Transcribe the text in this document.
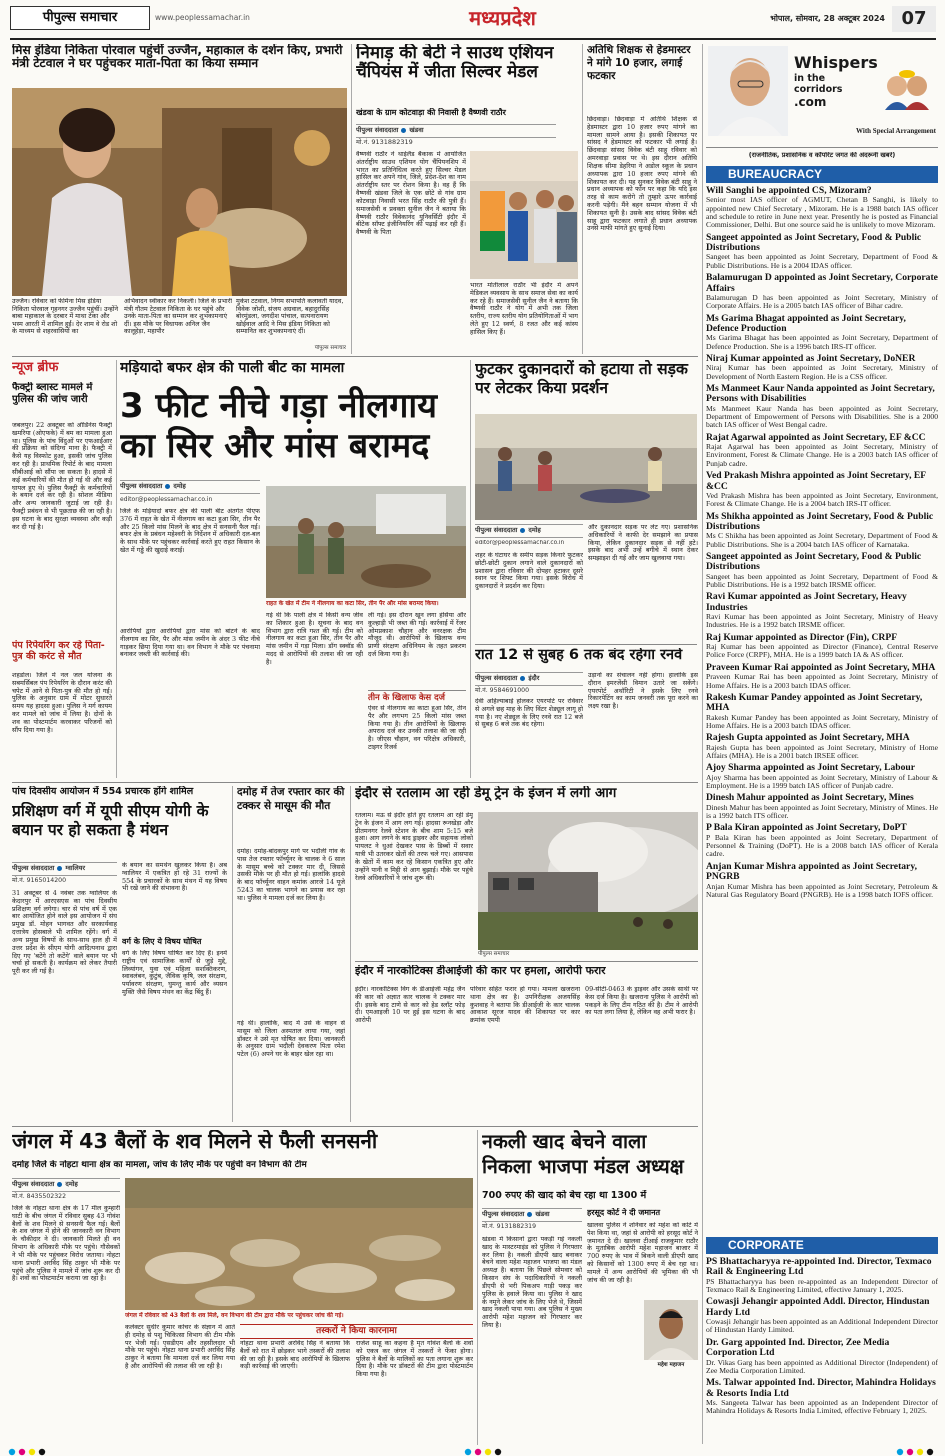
पीपुल्स समाचार	www.peoplessamachar.in	मध्यप्रदेश	भोपाल, सोमवार, 28 अक्टूबर 2024 07
मिस इंडिया निकिता पोरवाल पहुंचीं उज्जैन, महाकाल के दर्शन किए, प्रभारी मंत्री टेटवाल ने घर पहुंचकर माता-पिता का किया सम्मान
उज्जैन। रविवार को फेमिना मिस इंडिया निकिता पोरवाल गृहनगर उज्जैन पहुंचीं। उन्होंने बाबा महाकाल के दरबार में माथा टेका और भस्म आरती में शामिल हुईं। देर शाम वे रोड शो के माध्यम से शहरवासियों का
अभिवादन स्वीकार कर निकलीं। जिले के प्रभारी मंत्री गौतम टेटवाल निकिता के घर पहुंचे और उनके माता-पिता का सम्मान कर शुभकामनाएं दीं। इस मौके पर विधायक अनिल जैन कालूहेड़ा, महापौर
मुकेश टटवाल, निगम सभापति कलावती यादव, विवेक जोशी, संजय अग्रवाल, बहादुरसिंह बोरमुंडला, जगदीश पांचाल, सत्यनारायण खोईवाल आदि ने मिस इंडिया निकिता को सम्मानित कर शुभकामनाएं दीं।
पीपुल्स समाचार
निमाड़ की बेटी ने साउथ एशियन चैंपियंस में जीता सिल्वर मेडल
खंडवा के ग्राम कोटवाड़ा की निवासी है वैष्णवी राठौर
पीपुल्स संवाददाता खंडवा
मो.नं. 9131882319
वैष्णवी राठौर ने थाईलैंड बैंकाक में आयोजित अंतर्राष्ट्रीय साउथ एशियन योग चैंपियनशिप में भारत का प्रतिनिधित्व करते हुए सिल्वर मेडल हासिल कर अपने गांव, जिले, प्रदेश-देश का नाम अंतर्राष्ट्रीय स्तर पर रोशन किया है। वह हैं कि वैष्णवी खंडवा जिले के एक छोटे से गांव ग्राम कोटवाड़ा निवासी भरत सिंह राठौर की पुत्री हैं। समाजसेवी व प्रवक्ता सुनील जैन ने बताया कि वैष्णवी राठौर विवेकानंद यूनिवर्सिटी इंदौर में बीटेक सॉफ्ट इंजीनियरिंग की पढ़ाई कर रही हैं। वैष्णवी के पिता
भारत मोतीलाल राठौर भी इंदौर में अपने मेडिकल व्यवसाय के साथ समाज सेवा का कार्य कर रहे हैं। समाजसेवी सुनील जैन ने बताया कि वैष्णवी राठौर ने योग में अभी तक जिला स्तरीय, राज्य स्तरीय योग प्रतियोगिताओं में भाग लेते हुए 12 स्वर्ण, 8 रजत और कई कांस्य हासिल किए हैं।
अतिथि शिक्षक से हेडमास्टर ने मांगे 10 हजार, लगाई फटकार
छिंदवाड़ा। छिंदवाड़ा में अतिथि शिक्षक से हेडमास्टर द्वारा 10 हजार रुपए मांगने का मामला सामने आया है। इसकी शिकायत पर सांसद ने हेडमास्टर को फटकार भी लगाई है। छिंदवाड़ा सांसद विवेक बंटी साहू रविवार को अमरवाड़ा प्रवास पर थे। इस दौरान अतिथि शिक्षक सीमा डेहरिया ने अडोल स्कूल के प्रधान अध्यापक द्वारा 10 हजार रुपए मांगने की शिकायत कर दी। यह सुनकर विवेक बंटी साहू ने प्रधान अध्यापक को फोन पर कहा कि यदि इस तरह से काम करोगे तो तुम्हारे ऊपर कार्रवाई करनी पड़ेगी। मैंने बहन सम्मान योजना में भी शिकायत सुनी है। उसके बाद सांसद विवेक बंटी साहू द्वारा फटकार लगाते ही प्रधान अध्यापक उनसे माफी मांगते हुए सुनाई दिया।
Whispers
in the corridors
.com
With Special Arrangement
(राजनीतिक, प्रशासनिक व कॉर्पोरेट जगत की अंदरूनी खबरें)
BUREAUCRACY
Will Sanghi be appointed CS, Mizoram?
Senior most IAS officer of AGMUT, Chetan B Sanghi, is likely to appointed new Chief Secretary , Mizoram. He is a 1988 batch IAS officer and schedule to retire in June next year. Presently he is posted as Financial Commissioner, Delhi. But one source said he is unlikely to move Mizoram.
Sangeet appointed as Joint Secretary, Food & Public Distributions
Sangeet has been appointed as Joint Secretary, Department of Food & Public Distributions. He is a 2004 IDAS officer.
Balamurugan D appointed as Joint Secretary, Corporate Affairs
Balamurugan D has been appointed as Joint Secretary, Ministry of Corporate Affairs. He is a 2005 batch IAS officer of Bihar cadre.
Ms Garima Bhagat appointed as Joint Secretary, Defence Production
Ms Garima Bhagat has been appointed as Joint Secretary, Department of Defence Production. She is a 1996 batch IRS-IT officer.
Niraj Kumar appointed as Joint Secretary, DoNER
Niraj Kumar has been appointed as Joint Secretary, Ministry of Development of North Eastern Region. He is a CSS officer.
Ms Manmeet Kaur Nanda appointed as Joint Secretary, Persons with Disabilities
Ms Manmeet Kaur Nanda has been appointed as Joint Secretary, Department of Empowerment of Persons with Disabilities. She is a 2000 batch IAS officer of West Bengal cadre.
Rajat Agarwal appointed as Joint Secretary, EF &CC
Rajat Agarwal has been appointed as Joint Secretary, Ministry of Environment, Forest & Climate Change. He is a 2003 batch IAS officer of Punjab cadre.
Ved Prakash Mishra appointed as Joint Secretary, EF &CC
Ved Prakash Mishra has been appointed as Joint Secretary, Environment, Forest & Climate Change. He is a 2004 batch IRS-IT officer.
Ms Shikha appointed as Joint Secretary, Food & Public Distributions
Ms C Shikha has been appointed as Joint Secretary, Department of Food & Public Distributions. She is a 2004 batch IAS officer of Karnataka.
Sangeet appointed as Joint Secretary, Food & Public Distributions
Sangeet has been appointed as Joint Secretary, Department of Food & Public Distributions. He is a 1992 batch IRSME officer.
Ravi Kumar appointed as Joint Secretary, Heavy Industries
Ravi Kumar has been appointed as Joint Secretary, Ministry of Heavy Industries. He is a 1992 batch IRSME officer.
Raj Kumar appointed as Director (Fin), CRPF
Raj Kumar has been appointed as Director (Finance), Central Reserve Police Force (CRPF), MHA. He is a 1999 batch IA & AS officer.
Praveen Kumar Rai appointed as Joint Secretary, MHA
Praveen Kumar Rai has been appointed as Joint Secretary, Ministry of Home Affairs. He is a 2003 batch IDAS officer.
Rakesh Kumar Pandey appointed as Joint Secretary, MHA
Rakesh Kumar Pandey has been appointed as Joint Secretary, Ministry of Home Affairs. He is a 2003 batch IDAS officer.
Rajesh Gupta appointed as Joint Secretary, MHA
Rajesh Gupta has been appointed as Joint Secretary, Ministry of Home Affairs (MHA). He is a 2001 batch IRSEE officer.
Ajoy Sharma appointed as Joint Secretary, Labour
Ajoy Sharma has been appointed as Joint Secretary, Ministry of Labour & Employment. He is a 1999 batch IAS officer of Punjab cadre.
Dinesh Mahur appointed as Joint Secretary, Mines
Dinesh Mahur has been appointed as Joint Secretary, Ministry of Mines. He is a 1992 batch ITS officer.
P Bala Kiran appointed as Joint Secretary, DoPT
P Bala Kiran has been appointed as Joint Secretary, Department of Personnel & Training (DoPT). He is a 2008 batch IAS officer of Kerala cadre.
Anjan Kumar Mishra appointed as Joint Secretary, PNGRB
Anjan Kumar Mishra has been appointed as Joint Secretary, Petroleum & Natural Gas Regulatory Board (PNGRB). He is a 1998 batch IOFS officer.
CORPORATE
PS Bhattacharyya re-appointed Ind. Director, Texmaco Rail & Engineering Ltd
PS Bhattacharyya has been re-appointed as an Independent Director of Texmaco Rail & Engineering Limited, effective January 1, 2025.
Cowasji Jehangir appointed Addl. Director, Hindustan Hardy Ltd
Cowasji Jehangir has been appointed as an Additional Independent Director of Hindustan Hardy Limited.
Dr. Garg appointed Ind. Director, Zee Media Corporation Ltd
Dr. Vikas Garg has been appointed as Additional Director (Independent) of Zee Media Corporation Limited.
Ms. Talwar appointed Ind. Director, Mahindra Holidays & Resorts India Ltd
Ms. Sangeeta Talwar has been appointed as an Independent Director of Mahindra Holidays & Resorts India Limited, effective February 1, 2025.
न्यूज ब्रीफ
फैक्ट्री ब्लास्ट मामले में पुलिस की जांच जारी
जबलपुर। 22 अक्टूबर को ऑर्डिनेंस फैक्ट्री खमरिया (ओएफके) में बम का मामला हुआ था। पुलिस के पांच विंदुओं पर एफआईआर की प्रक्रिया को संदिग्ध माना है। फैक्ट्री में कैसे यह विस्फोट हुआ, इसकी जांच पुलिस कर रही है। प्राथमिक रिपोर्ट के बाद मामला सीबीआई को सौंपा जा सकता है। हादसे में कई कर्मचारियों की मौत हो गई थी और कई घायल हुए थे। पुलिस फैक्ट्री के कर्मचारियों के बयान दर्ज कर रही है। सोशल मीडिया और अन्य जानकारी जुटाई जा रही है। फैक्ट्री प्रबंधन से भी पूछताछ की जा रही है। इस घटना के बाद सुरक्षा व्यवस्था और कड़ी कर दी गई है।
पंप रिपेयरिंग कर रहे पिता-पुत्र की करंट से मौत
शहडोल। जिले में नल जल योजना के सबमर्सिबल पंप रिपेयरिंग के दौरान करंट की चपेट में आने से पिता-पुत्र की मौत हो गई। पुलिस के अनुसार ग्राम में मोटर सुधारते समय यह हादसा हुआ। पुलिस ने मर्ग कायम कर मामले को जांच में लिया है। दोनों के शव का पोस्टमार्टम करवाकर परिजनों को सौंप दिया गया है।
मड़ियादो बफर क्षेत्र की पाली बीट का मामला
3 फीट नीचे गड़ा नीलगाय का सिर और मांस बरामद
पीपुल्स संवाददाता दमोह
editor@peoplessamachar.co.in
जिले के मड़ियादो बफर क्षेत्र की पाली बीट अंतर्गत पीएफ 376 में राहत के खेत में नीलगाय का कटा हुआ सिर, तीन पैर और 25 किलो मांस मिलने के बाद क्षेत्र में सनसनी फैल गई। बफर क्षेत्र के प्रबंधन महेश्वरी के निर्देशन में अधिकारी दल-बल के साथ मौके पर पहुंचकर कार्रवाई करते हुए राहत किसान के खेत में गड्ढे की खुदाई कराई।
आरोपियों द्वारा आरोपियों द्वारा मांस को बांटने के बाद नीलगाय का सिर, पैर और मांस जमीन के अंदर 3 फीट नीचे गाड़कर छिपा दिया गया था। वन विभाग ने मौके पर पंचनामा बनाकर जब्ती की कार्रवाई की।
राहत के खेत में टीम ने नीलगाय का कटा सिर, तीन पैर और मांस बरामद किया।
गई थी कि पाली क्षेत्र में किसी वन्य जीव का शिकार हुआ है। सूचना के बाद वन विभाग द्वारा रात्रि गश्त की गई। टीम को नीलगाय का कटा हुआ सिर, तीन पैर और मांस जमीन में गड़ा मिला। डॉग स्क्वॉड की मदद से आरोपियों की तलाश की जा रही है।
ली गई। इस दौरान खून लगा हंसिया और कुल्हाड़ी भी जब्त की गई। कार्रवाई में रेंजर ओमप्रकाश चौहान और वनरक्षक टीम मौजूद थी। आरोपियों के खिलाफ वन्य प्राणी संरक्षण अधिनियम के तहत प्रकरण दर्ज किया गया है।
फुटकर दुकानदारों को हटाया तो सड़क पर लेटकर किया प्रदर्शन
पीपुल्स संवाददाता दमोह
editor@peoplessamachar.co.in
शहर के घंटाघर के समीप सड़क किनारे फुटकर छोटी-छोटी दुकान लगाने वाले दुकानदारों को प्रशासन द्वारा रविवार की दोपहर हटाकर दूसरे स्थान पर शिफ्ट किया गया। इसके विरोध में दुकानदारों ने प्रदर्शन कर दिया।
और दुकानदार सड़क पर लेट गए। प्रशासनिक अधिकारियों ने काफी देर समझाने का प्रयास किया, लेकिन दुकानदार सड़क से नहीं हटे। इसके बाद अभी उन्हें बगीचे में स्थान देकर समझाइश दी गई और जाम खुलवाया गया।
रात 12 से सुबह 6 तक बंद रहेगा रनवे
पीपुल्स संवाददाता इंदौर
मो.नं. 9584691000
देवी अहिल्याबाई होलकर एयरपोर्ट पर रविवार से अगले छह माह के लिए विंटर शेड्यूल लागू हो गया है। नए शेड्यूल के लिए रनवे रात 12 बजे से सुबह 6 बजे तक बंद रहेगा।
उड़ानों का संचालन नहीं होगा। हालांकि इस दौरान इमरजेंसी विमान उतारे जा सकेंगे। एयरपोर्ट अथॉरिटी ने इसके लिए रनवे रिकारपेटिंग का काम जनवरी तक पूरा करने का लक्ष्य रखा है।
पांच दिवसीय आयोजन में 554 प्रचारक होंगे शामिल
प्रशिक्षण वर्ग में यूपी सीएम योगी के बयान पर हो सकता है मंथन
पीपुल्स संवाददाता ग्वालियर
मो.नं. 9165014200
31 अक्टूबर से 4 नवंबर तक ग्वालियर के केदारपुर में आरएसएस का पांच दिवसीय प्रशिक्षण वर्ग लगेगा। चार से पांच वर्ष में एक बार आयोजित होने वाले इस आयोजन में संघ प्रमुख डॉ. मोहन भागवत और सरकार्यवाह दत्तात्रेय होसबाले भी शामिल रहेंगे। वर्ग में अन्य प्रमुख विषयों के साथ-साथ हाल ही में उत्तर प्रदेश के सीएम योगी आदित्यनाथ द्वारा दिए गए 'बटेंगे तो कटेंगे' वाले बयान पर भी चर्चा हो सकती है। कार्यक्रम को लेकर तैयारी पूरी कर ली गई है।
के बयान का समर्थन खुलकर किया है। अब ग्वालियर में एकत्रित हो रहे 31 राज्यों के 554 के प्रचारकों के साथ मंथन में यह विषय भी रखे जाने की संभावना है।
वर्ग के लिए ये विषय घोषित
वर्ग के लिए विषय घोषित कर दिए हैं। इनमें राष्ट्रीय एवं सामाजिक कार्यों से जुड़े मुद्दे, लिव्यांगन, युवा एवं महिला सशक्तिकरण, स्वावलंबन, कुटुंब, जैविक कृषि, जल संरक्षण, पर्यावरण संरक्षण, घुमन्तु कार्य और व्यसन मुक्ति जैसे विषय मंथन का केंद्र बिंदु हैं।
दमोह में तेज रफ्तार कार की टक्कर से मासूम की मौत
दमोह। दमोह-बांदकपुर मार्ग पर भदौली गांव के पास तेज रफ्तार फॉर्च्यूनर के चालक ने 6 साल के मासूम बच्चे को टक्कर मार दी, जिससे उसकी मौके पर ही मौत हो गई। हालांकि हादसे के बाद फॉर्च्यूनर वाहन कमांक आरजे 14 यूजे 5243 का चालक भागने का प्रयास कर रहा था। पुलिस ने मामला दर्ज कर लिया है।
गई थी। हालांकि, बाद में उसे के वाहन से मासूम को जिला अस्पताल लाया गया, जहां डॉक्टर ने उसे मृत घोषित कर दिया। जानकारी के अनुसार ग्राम भदौली देवकरण पिता रमेश पटेल (6) अपने घर के बाहर खेल रहा था।
इंदौर से रतलाम आ रही डेमू ट्रेन के इंजन में लगी आग
रतलाम। मऊ से इंदौर होते हुए रतलाम आ रही डेमू ट्रेन के इंजन में आग लग गई। हादसा रूनखेड़ा और प्रीतमनगर रेलवे स्टेशन के बीच शाम 5:15 बजे हुआ। आग लगने के बाद ड्राइवर और सहायक लोको पायलट ने धुआं देखकर पास के डिब्बों में सवार यात्री भी उतरकर खेतों की तरफ चले गए। आसपास के खेतों में काम कर रहे किसान एकत्रित हुए और उन्होंने पानी व मिट्टी से आग बुझाई। मौके पर पहुंचे रेलवे अधिकारियों ने जांच शुरू की।
पीपुल्स समाचार
इंदौर में नारकोटिक्स डीआईजी की कार पर हमला, आरोपी फरार
इंदौर। नारकोटिक्स विंग के डीआईजी महेंद्र जैन की कार को अज्ञात कार चालक ने टक्कर मार दी। इसके बाद टाणे से कार को हेड स्लॉट फोड़ दी। एमआइजी 10 पर हुई इस घटना के बाद आरोपी
परिवार सहित फरार हो गया। मामला खजराना थाना क्षेत्र का है। उपनिरीक्षक अजयसिंह कुशवाह ने बताया कि डीआईजी के कार चालक आकाश सूरज यादव की शिकायत पर कार क्रमांक एमपी
09-सीटी-0463 के ड्राइवर और उसके साथी पर केस दर्ज किया है। खजराना पुलिस ने आरोपी को पकड़ने के लिए टीम गठित की है। टीम ने आरोपी का पता लगा लिया है, लेकिन वह अभी फरार है।
जंगल में 43 बैलों के शव मिलने से फैली सनसनी
दमोह जिले के नोहटा थाना क्षेत्र का मामला, जांच के लिए मौके पर पहुंची वन विभाग की टीम
पीपुल्स संवाददाता दमोह
मो.नं. 8435502322
जिले के नोहटा थाना क्षेत्र के 17 मील कुम्हारी घाटी के बीच जंगल में रविवार सुबह 43 गोवंश बैलों के शव मिलने से सनसनी फैल गई। बैलों के शव जंगल में होने की जानकारी वन विभाग के चौकीदार ने दी। जानकारी मिलते ही वन विभाग के अधिकारी मौके पर पहुंचे। गौसेवकों ने भी मौके पर पहुंचकर विरोध जताया। नोहटा थाना प्रभारी अरविंद सिंह ठाकुर भी मौके पर पहुंचे और पुलिस ने मामले में जांच शुरू कर दी है। शवों का पोस्टमार्टम कराया जा रहा है।
जंगल में रविवार को 43 बैलों के शव मिले, वन विभाग की टीम द्वारा मौके पर पहुंचकर जांच की गई।
कलेक्टर सुधीर कुमार कोचर के संज्ञान में आते ही दमोह से पशु चिकित्सा विभाग की टीम मौके पर भेजी गई। एसडीएम और तहसीलदार भी मौके पर पहुंचे। नोहटा थाना प्रभारी अरविंद सिंह ठाकुर ने बताया कि मामला दर्ज कर लिया गया है और आरोपियों की तलाश की जा रही है।
नोहटा थाना प्रभारी अरविंद सिंह ने बताया कि बैलों को रात में छोड़कर भागे तस्करों की तलाश की जा रही है। इसके बाद आरोपियों के खिलाफ कड़ी कार्रवाई की जाएगी।
तस्करों ने किया कारनामा
राजेश साहू का कहना है मृत गोवंश बैलों के शवों को एकत्र कर जंगल में तस्करों ने फेंका होगा। पुलिस ने बैलों के मालिकों का पता लगाना शुरू कर दिया है। मौके पर डॉक्टरों की टीम द्वारा पोस्टमार्टम किया गया है।
नकली खाद बेचने वाला निकला भाजपा मंडल अध्यक्ष
700 रुपए की खाद को बेच रहा था 1300 में
पीपुल्स संवाददाता खंडवा
मो.नं. 9131882319
खंडवा में किसानों द्वारा पकड़ी गई नकली खाद के मास्टरमाइंड को पुलिस ने गिरफ्तार कर लिया है। नकली डीएपी खाद बनाकर बेचने वाला महेश महाजन भाजपा का मंडल अध्यक्ष है। बताया कि पिछले सोमवार को किसान संघ के पदाधिकारियों ने नकली डीएपी से भरी पिकअप गाड़ी पकड़ कर पुलिस के हवाले किया था। पुलिस ने खाद के नमूने लेकर जांच के लिए भेजे थे, जिसमें खाद नकली पाया गया। अब पुलिस ने मुख्य आरोपी महेश महाजन को गिरफ्तार कर लिया है।
हरसूद कोर्ट ने दी जमानत
खालवा पुलिस ने शनिवार को महेश को कोर्ट में पेश किया था, जहां से आरोपी को हरसूद कोर्ट ने जमानत दे दी। खालवा टीआई राजकुमार राठौर के मुताबिक आरोपी महेश महाजन बाजार में 700 रुपए के भाव में बिकने वाली डीएपी खाद को किसानों को 1300 रुपए में बेच रहा था। मामले में अन्य आरोपियों की भूमिका की भी जांच की जा रही है।
महेश महाजन
तीन के खिलाफ केस दर्ज
ऐवर से नीलगाय का काटा हुआ सिर, तीन पैर और लगभग 25 किलो मांस जब्त किया गया है। तीन आरोपियों के खिलाफ अपराध दर्ज कर उनकी तलाश की जा रही है। जीएस चौहान, वन परिक्षेत्र अधिकारी, टाइगर रिजर्व
